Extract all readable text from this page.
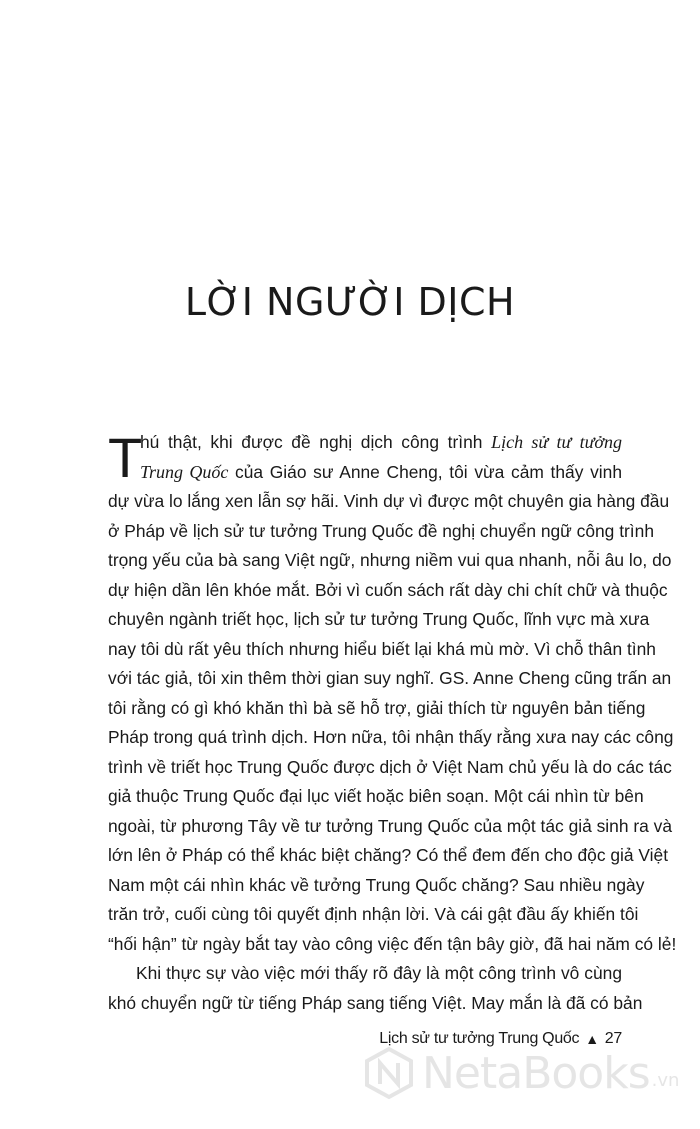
LỜI NGƯỜI DỊCH
T
hú thật, khi được đề nghị dịch công trình Lịch sử tư tưởng
Trung Quốc của Giáo sư Anne Cheng, tôi vừa cảm thấy vinh
dự vừa lo lắng xen lẫn sợ hãi. Vinh dự vì được một chuyên gia hàng đầu
ở Pháp về lịch sử tư tưởng Trung Quốc đề nghị chuyển ngữ công trình
trọng yếu của bà sang Việt ngữ, nhưng niềm vui qua nhanh, nỗi âu lo, do
dự hiện dần lên khóe mắt. Bởi vì cuốn sách rất dày chi chít chữ và thuộc
chuyên ngành triết học, lịch sử tư tưởng Trung Quốc, lĩnh vực mà xưa
nay tôi dù rất yêu thích nhưng hiểu biết lại khá mù mờ. Vì chỗ thân tình
với tác giả, tôi xin thêm thời gian suy nghĩ. GS. Anne Cheng cũng trấn an
tôi rằng có gì khó khăn thì bà sẽ hỗ trợ, giải thích từ nguyên bản tiếng
Pháp trong quá trình dịch. Hơn nữa, tôi nhận thấy rằng xưa nay các công
trình về triết học Trung Quốc được dịch ở Việt Nam chủ yếu là do các tác
giả thuộc Trung Quốc đại lục viết hoặc biên soạn. Một cái nhìn từ bên
ngoài, từ phương Tây về tư tưởng Trung Quốc của một tác giả sinh ra và
lớn lên ở Pháp có thể khác biệt chăng? Có thể đem đến cho độc giả Việt
Nam một cái nhìn khác về tưởng Trung Quốc chăng? Sau nhiều ngày
trăn trở, cuối cùng tôi quyết định nhận lời. Và cái gật đầu ấy khiến tôi
“hối hận” từ ngày bắt tay vào công việc đến tận bây giờ, đã hai năm có lẻ!
Khi thực sự vào việc mới thấy rõ đây là một công trình vô cùng
khó chuyển ngữ từ tiếng Pháp sang tiếng Việt. May mắn là đã có bản
Lịch sử tư tưởng Trung Quốc ▲ 27
NetaBooks .vn
